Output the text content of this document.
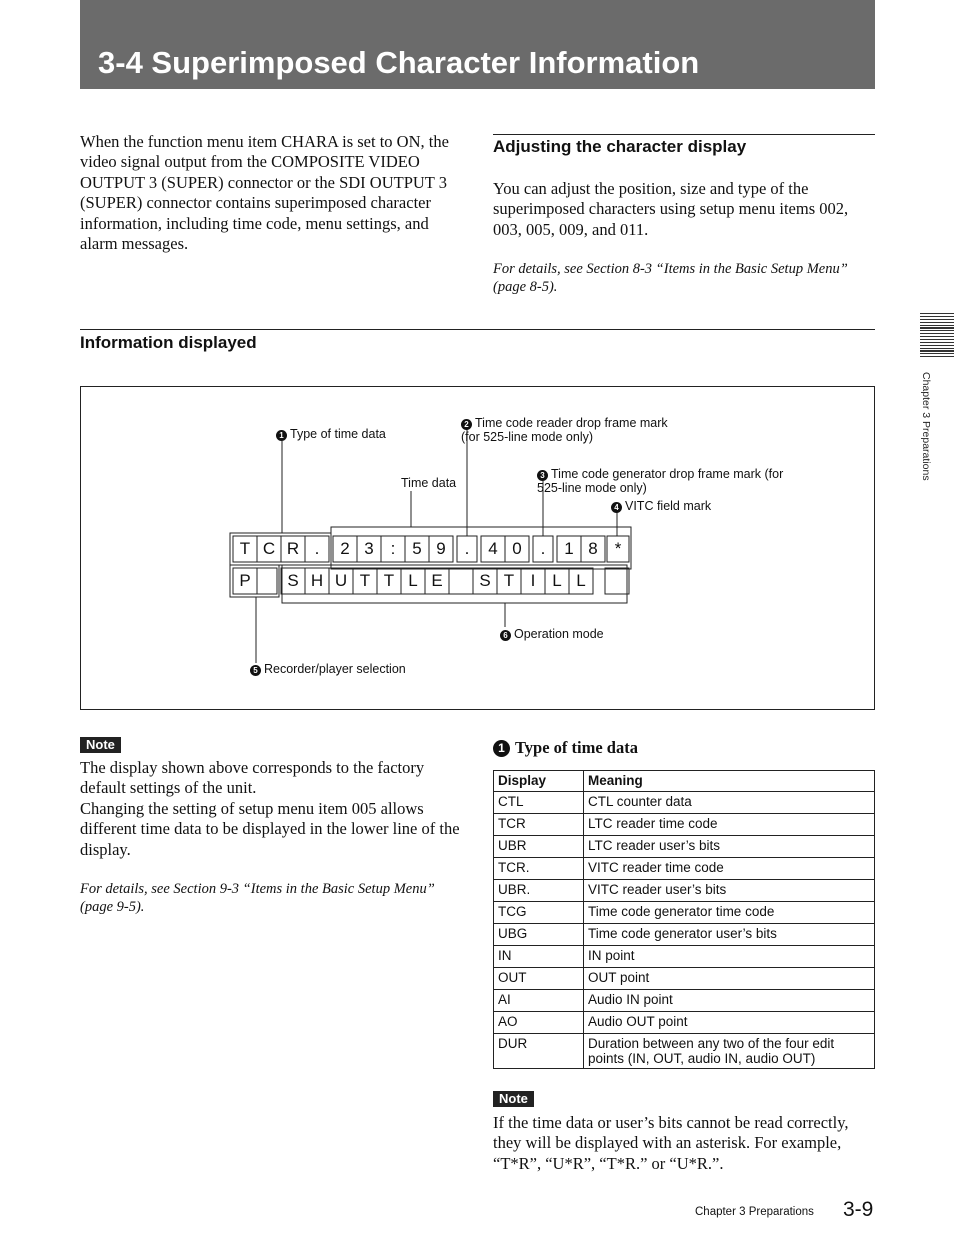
3-4 Superimposed Character Information

When the function menu item CHARA is set to ON, the video signal output from the COMPOSITE VIDEO OUTPUT 3 (SUPER) connector or the SDI OUTPUT 3 (SUPER) connector contains superimposed character information, including time code, menu settings, and alarm messages.

Adjusting the character display

You can adjust the position, size and type of the superimposed characters using setup menu items 002, 003, 005, 009, and 011.

For details, see Section 8-3 “Items in the Basic Setup Menu” (page 8-5).

Information displayed
Chapter 3 Preparations
1 Type of time data
2 Time code reader drop frame mark
(for 525-line mode only)
Time data
3 Time code generator drop frame mark (for
525-line mode only)
4 VITC field mark
6 Operation mode
5 Recorder/player selection
T C R .	2 3 : 5 9	.	4 0	.	1 8 *
P	S H U T T L E	S T I L L
Note

The display shown above corresponds to the factory default settings of the unit.
Changing the setting of setup menu item 005 allows different time data to be displayed in the lower line of the display.

For details, see Section 9-3 “Items in the Basic Setup Menu” (page 9-5).

1 Type of time data
Display	Meaning
CTL	CTL counter data
TCR	LTC reader time code
UBR	LTC reader user’s bits
TCR.	VITC reader time code
UBR.	VITC reader user’s bits
TCG	Time code generator time code
UBG	Time code generator user’s bits
IN	IN point
OUT	OUT point
AI	Audio IN point
AO	Audio OUT point
DUR	Duration between any two of the four edit points (IN, OUT, audio IN, audio OUT)
Note

If the time data or user’s bits cannot be read correctly, they will be displayed with an asterisk. For example, “T*R”, “U*R”, “T*R.” or “U*R.”.

Chapter 3 Preparations 3-9
